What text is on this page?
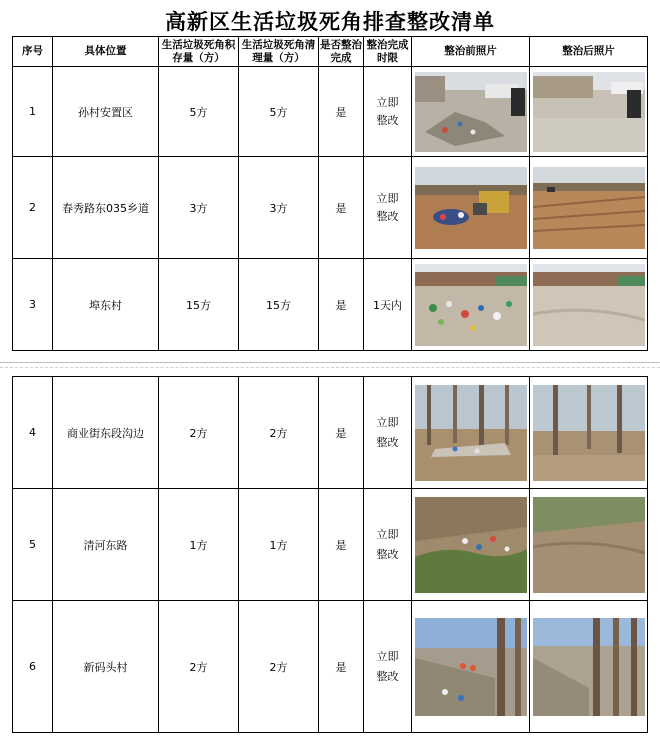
高新区生活垃圾死角排查整改清单
序号	具体位置	生活垃圾死角积存量（方）	生活垃圾死角清理量（方）	是否整治完成	整治完成时限	整治前照片	整治后照片
1	孙村安置区	5方	5方	是	立即整改

2	春秀路东035乡道	3方	3方	是	立即整改

3	埠东村	15方	15方	是	1天内

4	商业街东段沟边	2方	2方	是	立即整改

5	清河东路	1方	1方	是	立即整改

6	新码头村	2方	2方	是	立即整改
